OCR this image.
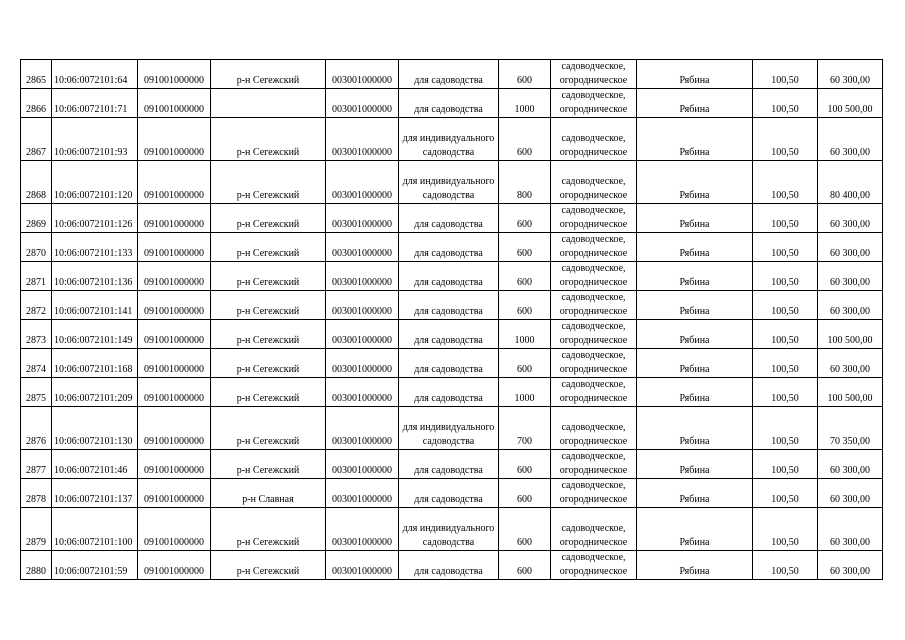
2865	10:06:0072101:64	091001000000	р-н Сегежский	003001000000	для садоводства	600	садоводческое, огородническое	Рябина	100,50	60 300,00
2866	10:06:0072101:71	091001000000		003001000000	для садоводства	1000	садоводческое, огородническое	Рябина	100,50	100 500,00
2867	10:06:0072101:93	091001000000	р-н Сегежский	003001000000	для индивидуального садоводства	600	садоводческое, огородническое	Рябина	100,50	60 300,00
2868	10:06:0072101:120	091001000000	р-н Сегежский	003001000000	для индивидуального садоводства	800	садоводческое, огородническое	Рябина	100,50	80 400,00
2869	10:06:0072101:126	091001000000	р-н Сегежский	003001000000	для садоводства	600	садоводческое, огородническое	Рябина	100,50	60 300,00
2870	10:06:0072101:133	091001000000	р-н Сегежский	003001000000	для садоводства	600	садоводческое, огородническое	Рябина	100,50	60 300,00
2871	10:06:0072101:136	091001000000	р-н Сегежский	003001000000	для садоводства	600	садоводческое, огородническое	Рябина	100,50	60 300,00
2872	10:06:0072101:141	091001000000	р-н Сегежский	003001000000	для садоводства	600	садоводческое, огородническое	Рябина	100,50	60 300,00
2873	10:06:0072101:149	091001000000	р-н Сегежский	003001000000	для садоводства	1000	садоводческое, огородническое	Рябина	100,50	100 500,00
2874	10:06:0072101:168	091001000000	р-н Сегежский	003001000000	для садоводства	600	садоводческое, огородническое	Рябина	100,50	60 300,00
2875	10:06:0072101:209	091001000000	р-н Сегежский	003001000000	для садоводства	1000	садоводческое, огородническое	Рябина	100,50	100 500,00
2876	10:06:0072101:130	091001000000	р-н Сегежский	003001000000	для индивидуального садоводства	700	садоводческое, огородническое	Рябина	100,50	70 350,00
2877	10:06:0072101:46	091001000000	р-н Сегежский	003001000000	для садоводства	600	садоводческое, огородническое	Рябина	100,50	60 300,00
2878	10:06:0072101:137	091001000000	р-н Славная	003001000000	для садоводства	600	садоводческое, огородническое	Рябина	100,50	60 300,00
2879	10:06:0072101:100	091001000000	р-н Сегежский	003001000000	для индивидуального садоводства	600	садоводческое, огородническое	Рябина	100,50	60 300,00
2880	10:06:0072101:59	091001000000	р-н Сегежский	003001000000	для садоводства	600	садоводческое, огородническое	Рябина	100,50	60 300,00
